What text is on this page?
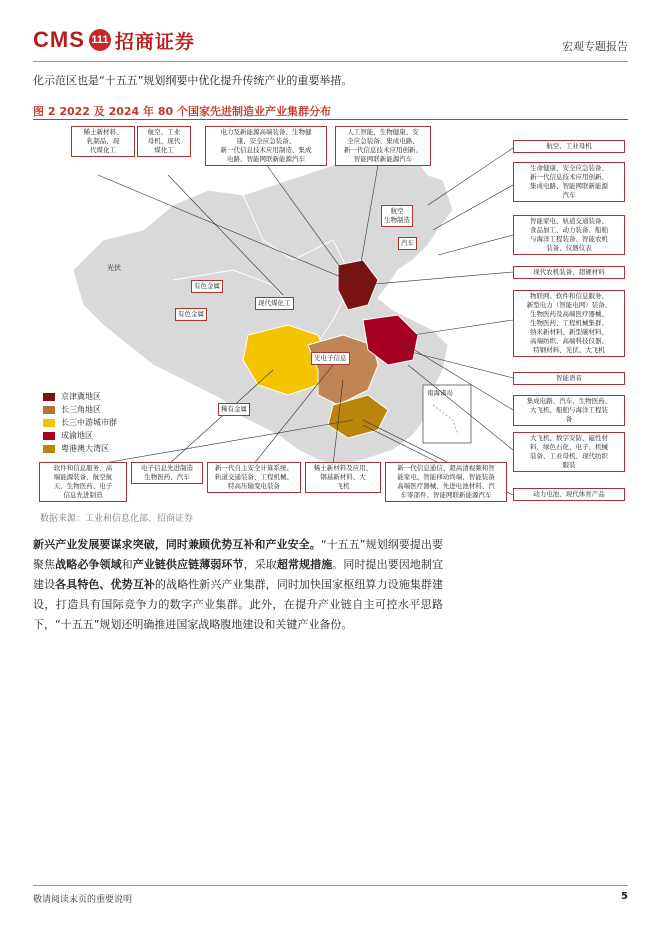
CMS 111 招商证券	宏观专题报告
化示范区也是“十五五”规划纲要中优化提升传统产业的重要举措。
图 2 2022 及 2024 年 80 个国家先进制造业产业集群分布
光伏
有色金属
有色金属
现代煤化工
稀有金属
光电子信息
航空
生物制造
汽车
南海诸岛
稀土新材料、
乳制品、现
代煤化工
航空、工业
母机、现代
煤化工
电力及新能源高端装备、生物健
康、安全应急装备、
新一代信息技术应用制造、集成
电路、智能网联新能源汽车
人工智能、生物健康、安
全应急装备、集成电路、
新一代信息技术应用创新、
智能网联新能源汽车
航空、工业母机
生命健康、安全应急装备、
新一代信息技术应用创新、
集成电路、智能网联新能源
汽车
智能家电、轨道交通装备、
食品加工、动力装备、船舶
与海洋工程装备、智能农机
装备、仪器仪表
现代农机装备、超硬材料
物联网、软件和信息服务、
新型电力（智能电网）装备、
生物医药及高端医疗器械、
生物医药、工程机械集群、
纳米新材料、新型碳材料、
高端纺织、高端科技仪器、
特钢材料、光伏、大飞机
智能语音
集成电路、汽车、生物医药、
大飞机、船舶与海洋工程装
备
大飞机、数字安防、磁性材
料、绿色石化、电子、机械
装备、工业母机、现代纺织
服装
动力电池、现代体育产品
软件和信息服务、高
端能源装备、航空航
天、生物医药、电子
信息先进制造
电子信息先进制造
生物医药、汽车
新一代自主安全计算系统、
轨道交通装备、工程机械、
特高压输变电装备
稀土新材料及应用、
钢基新材料、大
飞机
新一代信息通信、超高清视频和智
能家电、智能移动终端、智能装备
高端医疗器械、先进电池材料、汽
车零部件、智能网联新能源汽车
京津冀地区
长三角地区
长三中游城市群
成渝地区
粤港澳大湾区
数据来源：工业和信息化部、招商证券
新兴产业发展要谋求突破，同时兼顾优势互补和产业安全。“十五五”规划纲要提出要聚焦战略必争领域和产业链供应链薄弱环节，采取超常规措施。同时提出要因地制宜建设各具特色、优势互补的战略性新兴产业集群，同时加快国家枢纽算力设施集群建设，打造具有国际竞争力的数字产业集群。此外，在提升产业链自主可控水平思路下，“十五五”规划还明确推进国家战略腹地建设和关键产业备份。
敬请阅读末页的重要说明	5
